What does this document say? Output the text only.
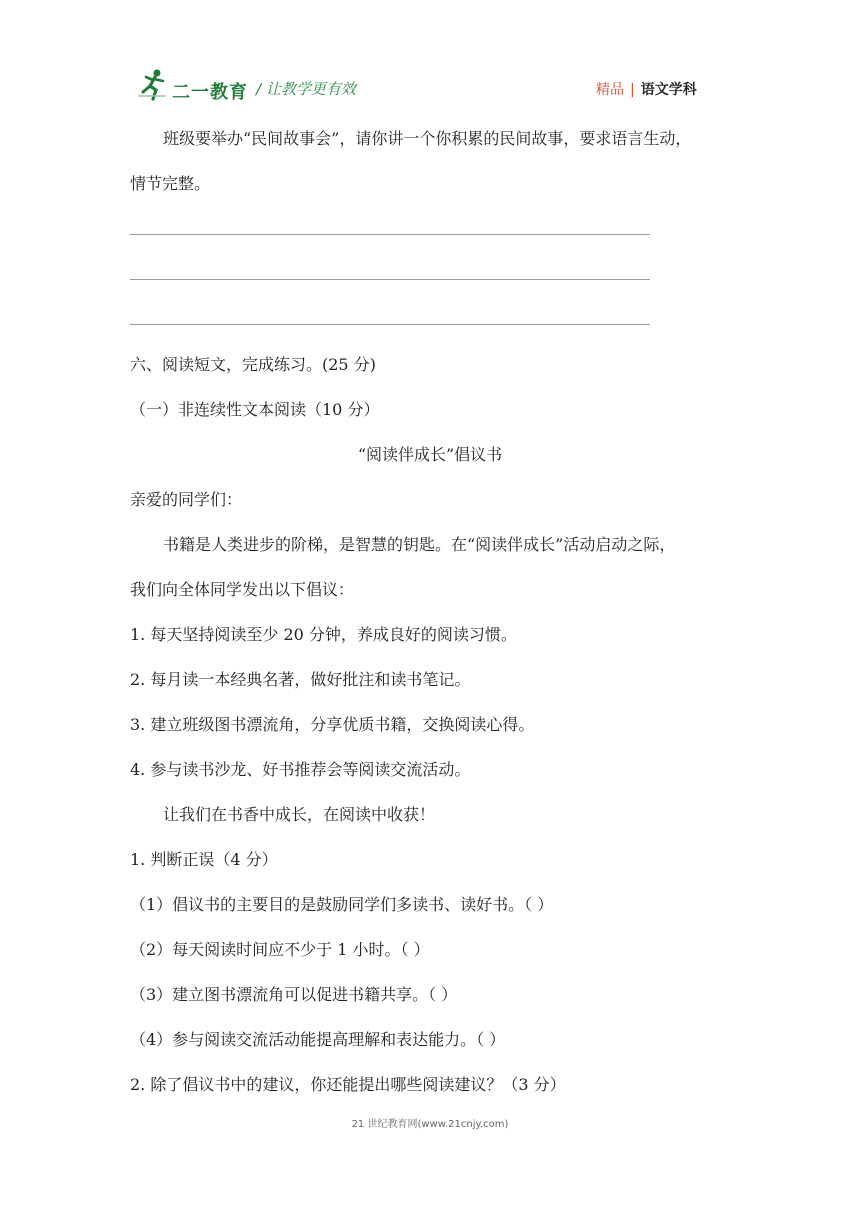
二一教育 / 让教学更有效	精品 | 语文学科
班级要举办“民间故事会”，请你讲一个你积累的民间故事，要求语言生动，
情节完整。
六、阅读短文，完成练习。(25 分)
（一）非连续性文本阅读（10 分）
“阅读伴成长”倡议书
亲爱的同学们：
书籍是人类进步的阶梯，是智慧的钥匙。在“阅读伴成长”活动启动之际，
我们向全体同学发出以下倡议：
1. 每天坚持阅读至少 20 分钟，养成良好的阅读习惯。
2. 每月读一本经典名著，做好批注和读书笔记。
3. 建立班级图书漂流角，分享优质书籍，交换阅读心得。
4. 参与读书沙龙、好书推荐会等阅读交流活动。
让我们在书香中成长，在阅读中收获！
1. 判断正误（4 分）
（1）倡议书的主要目的是鼓励同学们多读书、读好书。（ ）
（2）每天阅读时间应不少于 1 小时。（ ）
（3）建立图书漂流角可以促进书籍共享。（ ）
（4）参与阅读交流活动能提高理解和表达能力。（ ）
2. 除了倡议书中的建议，你还能提出哪些阅读建议？（3 分）
21 世纪教育网(www.21cnjy.com)
